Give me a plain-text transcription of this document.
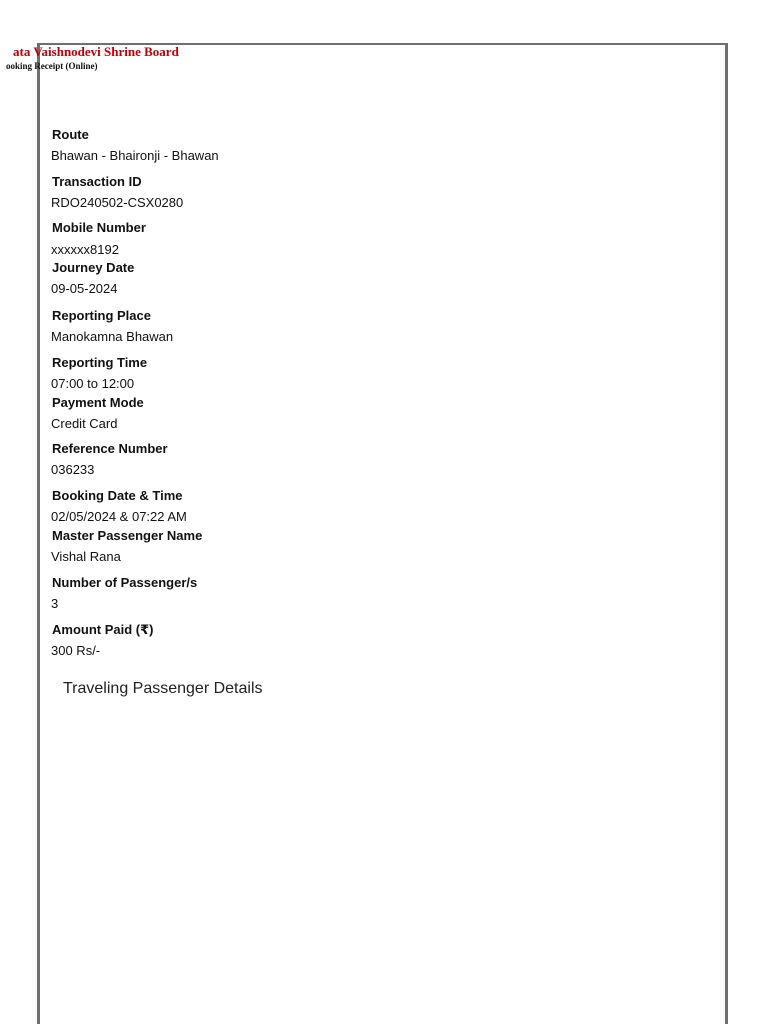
ata Vaishnodevi Shrine Board
ooking Receipt (Online)
Route
Bhawan - Bhaironji - Bhawan
Transaction ID
RDO240502-CSX0280
Mobile Number
xxxxxx8192
Journey Date
09-05-2024
Reporting Place
Manokamna Bhawan
Reporting Time
07:00 to 12:00
Payment Mode
Credit Card
Reference Number
036233
Booking Date & Time
02/05/2024 & 07:22 AM
Master Passenger Name
Vishal Rana
Number of Passenger/s
3
Amount Paid (₹)
300 Rs/-
Traveling Passenger Details
